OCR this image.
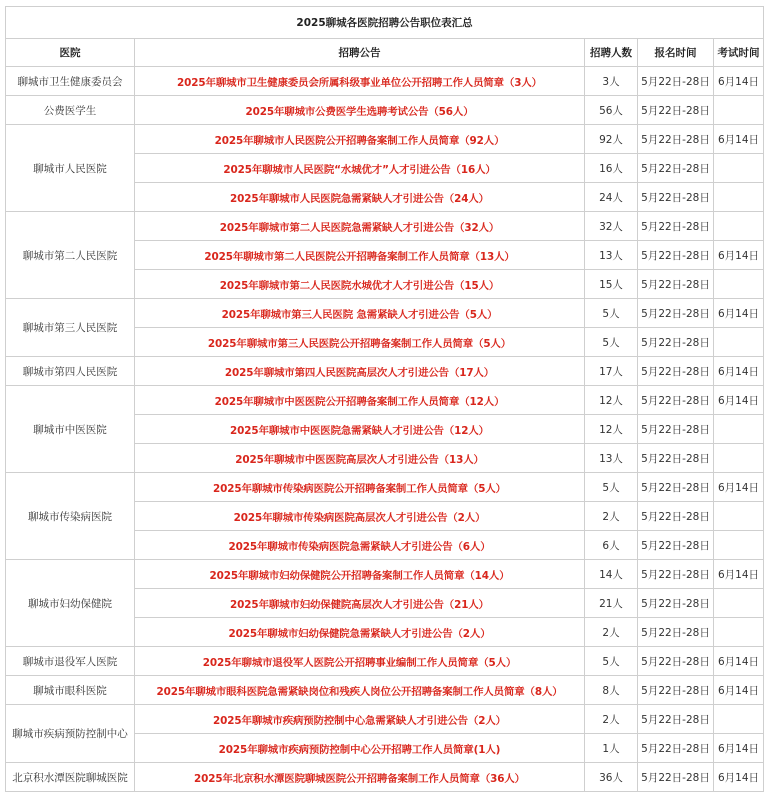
2025聊城各医院招聘公告职位表汇总				
医院	招聘公告	招聘人数	报名时间	考试时间
聊城市卫生健康委员会	2025年聊城市卫生健康委员会所属科级事业单位公开招聘工作人员简章（3人）	3人	5月22日-28日	6月14日
公费医学生	2025年聊城市公费医学生选聘考试公告（56人）	56人	5月22日-28日	
聊城市人民医院	2025年聊城市人民医院公开招聘备案制工作人员简章（92人）	92人	5月22日-28日	6月14日
	2025年聊城市人民医院“水城优才”人才引进公告（16人）	16人	5月22日-28日	
	2025年聊城市人民医院急需紧缺人才引进公告（24人）	24人	5月22日-28日	
聊城市第二人民医院	2025年聊城市第二人民医院急需紧缺人才引进公告（32人）	32人	5月22日-28日	
	2025年聊城市第二人民医院公开招聘备案制工作人员简章（13人）	13人	5月22日-28日	6月14日
	2025年聊城市第二人民医院水城优才人才引进公告（15人）	15人	5月22日-28日	
聊城市第三人民医院	2025年聊城市第三人民医院 急需紧缺人才引进公告（5人）	5人	5月22日-28日	6月14日
	2025年聊城市第三人民医院公开招聘备案制工作人员简章（5人）	5人	5月22日-28日	
聊城市第四人民医院	2025年聊城市第四人民医院高层次人才引进公告（17人）	17人	5月22日-28日	6月14日
聊城市中医医院	2025年聊城市中医医院公开招聘备案制工作人员简章（12人）	12人	5月22日-28日	6月14日
	2025年聊城市中医医院急需紧缺人才引进公告（12人）	12人	5月22日-28日	
	2025年聊城市中医医院高层次人才引进公告（13人）	13人	5月22日-28日	
聊城市传染病医院	2025年聊城市传染病医院公开招聘备案制工作人员简章（5人）	5人	5月22日-28日	6月14日
	2025年聊城市传染病医院高层次人才引进公告（2人）	2人	5月22日-28日	
	2025年聊城市传染病医院急需紧缺人才引进公告（6人）	6人	5月22日-28日	
聊城市妇幼保健院	2025年聊城市妇幼保健院公开招聘备案制工作人员简章（14人）	14人	5月22日-28日	6月14日
	2025年聊城市妇幼保健院高层次人才引进公告（21人）	21人	5月22日-28日	
	2025年聊城市妇幼保健院急需紧缺人才引进公告（2人）	2人	5月22日-28日	
聊城市退役军人医院	2025年聊城市退役军人医院公开招聘事业编制工作人员简章（5人）	5人	5月22日-28日	6月14日
聊城市眼科医院	2025年聊城市眼科医院急需紧缺岗位和残疾人岗位公开招聘备案制工作人员简章（8人）	8人	5月22日-28日	6月14日
聊城市疾病预防控制中心	2025年聊城市疾病预防控制中心急需紧缺人才引进公告（2人）	2人	5月22日-28日	
	2025年聊城市疾病预防控制中心公开招聘工作人员简章(1人)	1人	5月22日-28日	6月14日
北京积水潭医院聊城医院	2025年北京积水潭医院聊城医院公开招聘备案制工作人员简章（36人）	36人	5月22日-28日	6月14日
